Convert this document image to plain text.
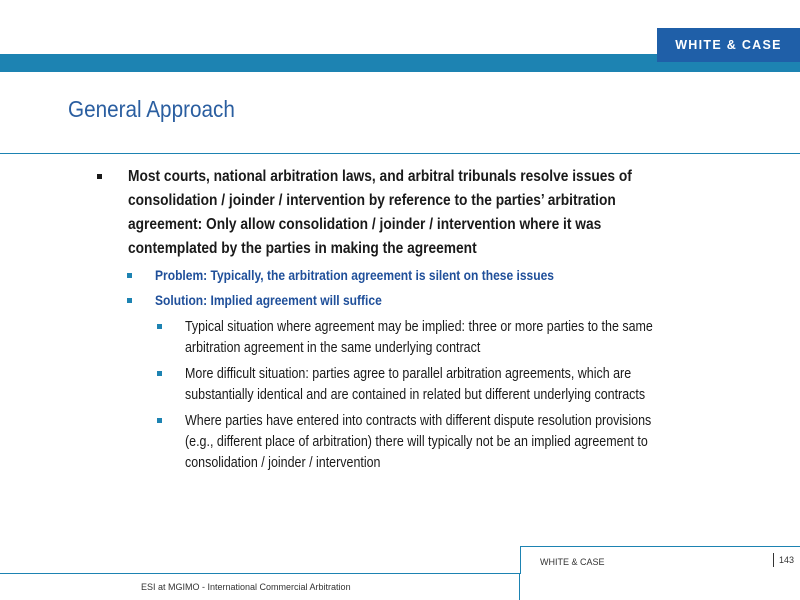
WHITE & CASE
General Approach
Most courts, national arbitration laws, and arbitral tribunals resolve issues of
consolidation / joinder / intervention by reference to the parties’ arbitration
agreement: Only allow consolidation / joinder / intervention where it was
contemplated by the parties in making the agreement
Problem: Typically, the arbitration agreement is silent on these issues
Solution: Implied agreement will suffice
Typical situation where agreement may be implied: three or more parties to the same
arbitration agreement in the same underlying contract
More difficult situation: parties agree to parallel arbitration agreements, which are
substantially identical and are contained in related but different underlying contracts
Where parties have entered into contracts with different dispute resolution provisions
(e.g., different place of arbitration) there will typically not be an implied agreement to
consolidation / joinder / intervention
WHITE & CASE	143
ESI at MGIMO - International Commercial Arbitration
